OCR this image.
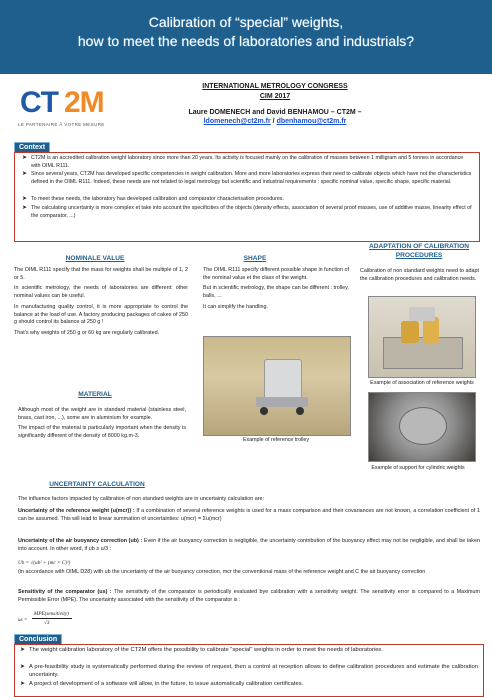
Calibration of “special” weights,
how to meet the needs of laboratories and industrials?
CT 2M
LE PARTENAIRE À VOTRE MESURE
INTERNATIONAL METROLOGY CONGRESS
CIM 2017
Laure DOMENECH and David BENHAMOU – CT2M –
ldomenech@ct2m.fr / dbenhamou@ct2m.fr
Context
➤ CT2M is an accredited calibration weight laboratory since more than 20 years. Its activity is focused mainly on the calibration of masses between 1 milligram and 5 tonnes in accordance with OIML R111.
➤ Since several years, CT2M has developed specific competencies in weight calibration. More and more laboratories express their need to calibrate objects which have not the characteristics defined in the OIML R111. Indeed, these needs are not related to legal metrology but scientific and industrial requirements : specific nominal value, specific shape, specific material.
➤ To meet these needs, the laboratory has developed calibration and comparator characterisation procedures.
➤ The calculating uncertainty is more complex et take into account the specificities of the objects (density effects, association of several proof masses, use of additive masse, linearity effect of the comparator, ...)
NOMINALE VALUE
The OIML R111 specify that the mass for weights shall be multiple of 1, 2 or 5.
In scientific metrology, the needs of laboratories are different: other nominal values can be useful.
In manufacturing quality control, it is more appropriate to control the balance at the load of use. A factory producing packages of cakes of 250 g should control its balance at 250 g !
That's why weights of 250 g or 60 kg are regularly calibrated.
SHAPE
The OIML R111 specify different possible shape in function of the nominal value et the class of the weight.
But in scientific metrology, the shape can be different : trolley, balls, ...
It can simplify the handling.
Example of reference trolley
ADAPTATION OF CALIBRATION
PROCEDURES
Calibration of non standard weights need to adapt the calibration procedures and calibration needs.
Example of association of reference weights
Example of support for cylindric weights
MATERIAL
Although most of the weight are in standard material (stainless steel, brass, cast iron, ...), some are in aluminium for example.
The impact of the material is particularly important when the density is significantly different of the density of 8000 kg.m-3.
UNCERTAINTY CALCULATION
The influence factors impacted by calibration of non standard weights are in uncertainty calculation are:
Uncertainty of the reference weight (u(mcr)) : If a combination of several reference weights is used for a mass comparison and their covariances are not known, a correlation coefficient of 1 can be assumed. This will lead to linear summation of uncertainties: u(mcr) = Σu(mcr)
Uncertainty of the air buoyancy correction (ub) : Even if the air buoyancy correction is negligible, the uncertainty contribution of the buoyancy effect may not be negligible, and shall be taken into account. In other word, if ub ≥ u/3 :
Ub = √(ub² + (mc × C)²)
(in accordance with OIML D28) with ub the uncertainty of the air buoyancy correction, mcr the conventional mass of the reference weight and C the air buoyancy correction
Sensitivity of the comparator (us) : The sensitivity of the comparator is periodically evaluated bye calibration with a sensitivity weight. The sensitivity error is compared to a Maximum Permissible Error (MPE). The uncertainty associated with the sensitivity of the comparator is :
us =
MPE(sensitivity)
√3
Conclusion
➤ The weight calibration laboratory of the CT2M offers the possibility to calibrate "special" weights in order to meet the needs of laboratories.
➤ A pre-feasibility study is systematically performed during the review of request, then a control at reception allows to define calibration procedures and estimate the calibration uncertainty.
➤ A project of development of a software will allow, in the future, to issue automatically calibration certificates.
